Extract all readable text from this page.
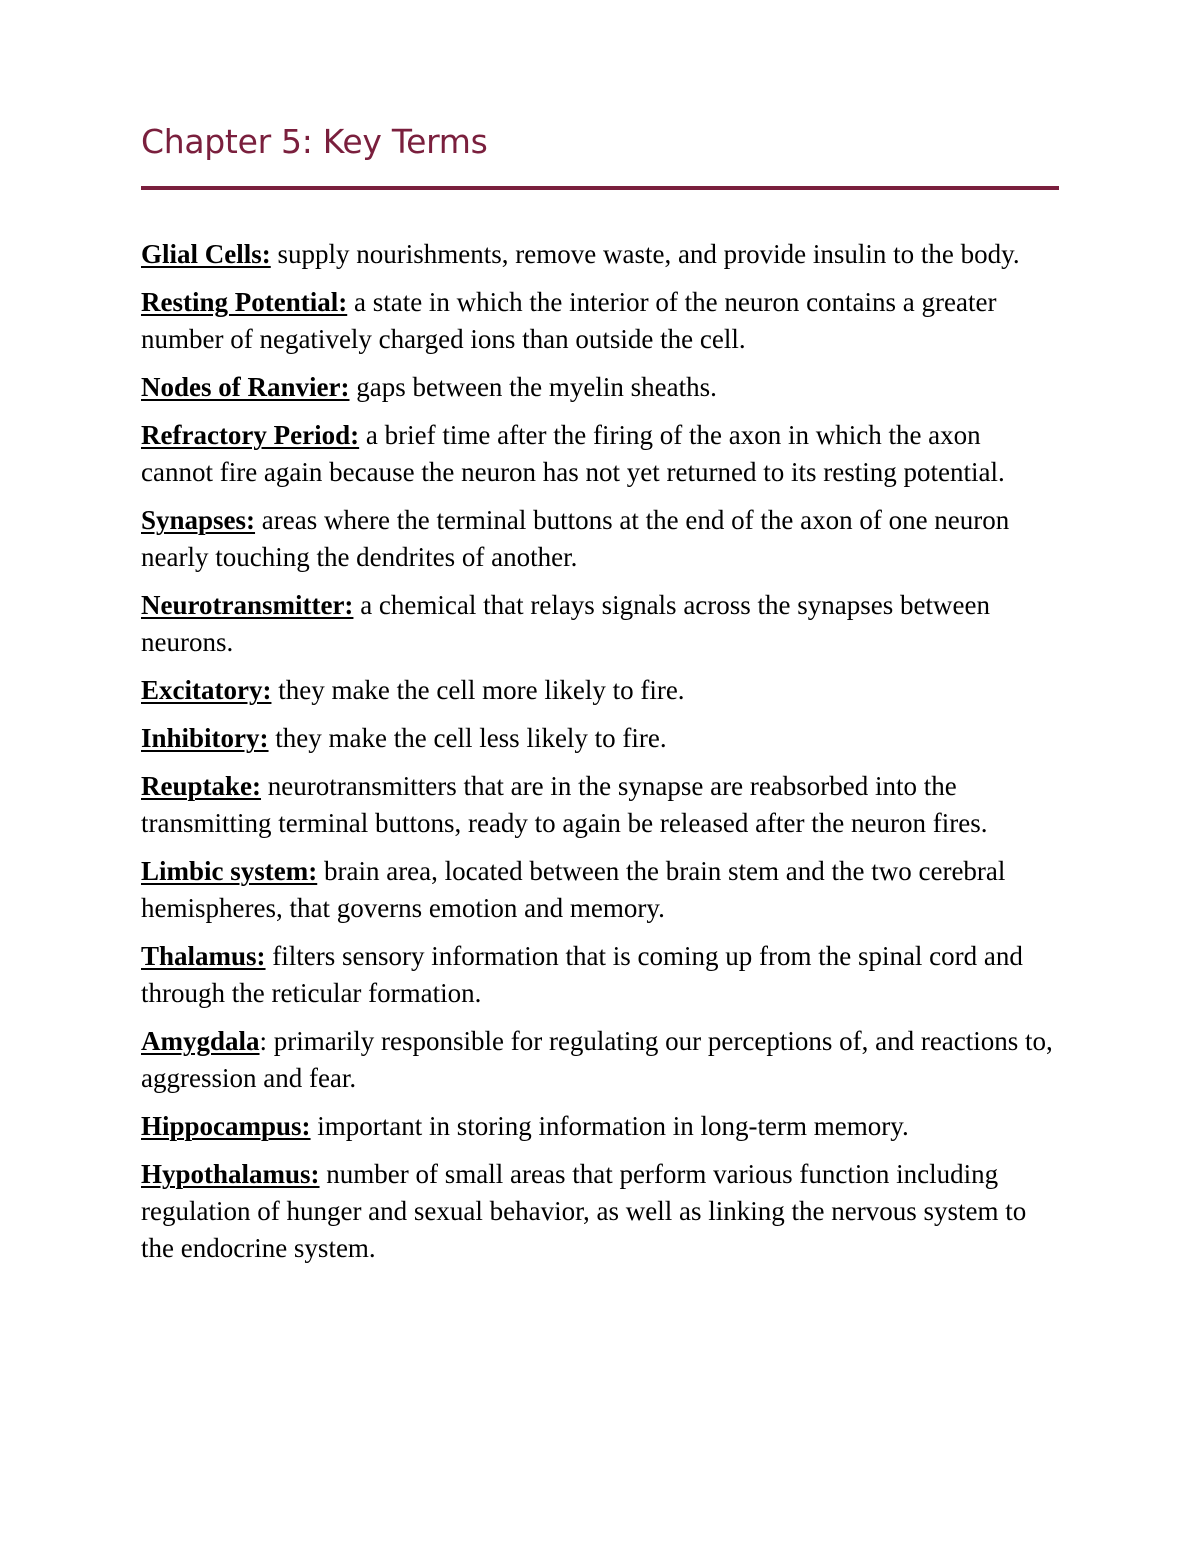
Chapter 5: Key Terms
Glial Cells: supply nourishments, remove waste, and provide insulin to the body.
Resting Potential: a state in which the interior of the neuron contains a greater number of negatively charged ions than outside the cell.
Nodes of Ranvier: gaps between the myelin sheaths.
Refractory Period: a brief time after the firing of the axon in which the axon cannot fire again because the neuron has not yet returned to its resting potential.
Synapses: areas where the terminal buttons at the end of the axon of one neuron nearly touching the dendrites of another.
Neurotransmitter: a chemical that relays signals across the synapses between neurons.
Excitatory: they make the cell more likely to fire.
Inhibitory: they make the cell less likely to fire.
Reuptake: neurotransmitters that are in the synapse are reabsorbed into the transmitting terminal buttons, ready to again be released after the neuron fires.
Limbic system: brain area, located between the brain stem and the two cerebral hemispheres, that governs emotion and memory.
Thalamus: filters sensory information that is coming up from the spinal cord and through the reticular formation.
Amygdala: primarily responsible for regulating our perceptions of, and reactions to, aggression and fear.
Hippocampus: important in storing information in long-term memory.
Hypothalamus: number of small areas that perform various function including regulation of hunger and sexual behavior, as well as linking the nervous system to the endocrine system.
